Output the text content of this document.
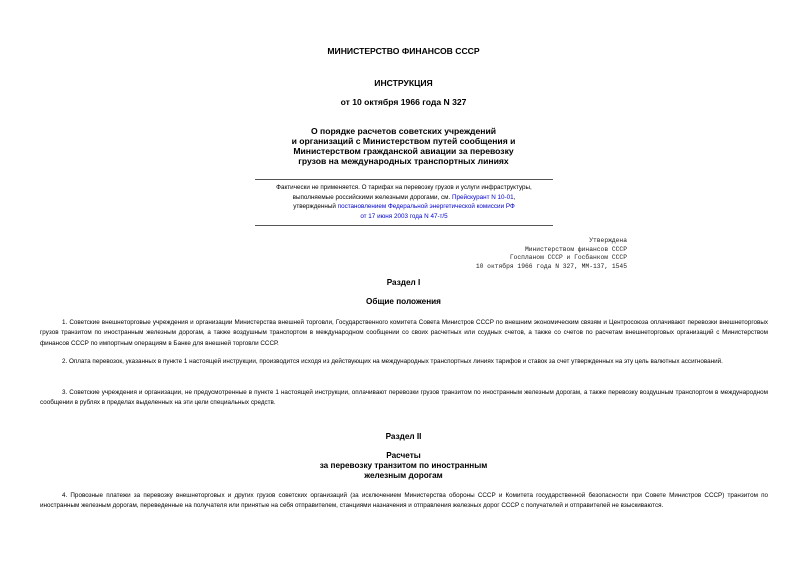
МИНИСТЕРСТВО ФИНАНСОВ СССР
ИНСТРУКЦИЯ
от 10 октября 1966 года N 327
О порядке расчетов советских учреждений
и организаций с Министерством путей сообщения и
Министерством гражданской авиации за перевозку
грузов на международных транспортных линиях
Фактически не применяется. О тарифах на перевозку грузов и услуги инфраструктуры,
выполняемые российскими железными дорогами, см. Прейскурант N 10-01,
утвержденный постановлением Федеральной энергетической комиссии РФ
от 17 июня 2003 года N 47-т/5
Утверждена
Министерством финансов СССР
Госпланом СССР и Госбанком СССР
10 октября 1966 года N 327, ММ-137, 1545
Раздел I
Общие положения
1. Советские внешнеторговые учреждения и организации Министерства внешней торговли, Государственного комитета Совета Министров СССР по внешним экономическим связям и Центросоюза оплачивают перевозки внешнеторговых грузов транзитом по иностранным железным дорогам, а также воздушным транспортом в международном сообщении со своих расчетных или ссудных счетов, а также со счетов по расчетам внешнеторговых организаций с Министерством финансов СССР по импортным операциям в Банке для внешней торговли СССР.
2. Оплата перевозок, указанных в пункте 1 настоящей инструкции, производится исходя из действующих на международных транспортных линиях тарифов и ставок за счет утвержденных на эту цель валютных ассигнований.
3. Советские учреждения и организации, не предусмотренные в пункте 1 настоящей инструкции, оплачивают перевозки грузов транзитом по иностранным железным дорогам, а также перевозку воздушным транспортом в международном сообщении в рублях в пределах выделенных на эти цели специальных средств.
Раздел II
Расчеты
за перевозку транзитом по иностранным
железным дорогам
4. Провозные платежи за перевозку внешнеторговых и других грузов советских организаций (за исключением Министерства обороны СССР и Комитета государственной безопасности при Совете Министров СССР) транзитом по иностранным железным дорогам, переведенные на получателя или принятые на себя отправителем, станциями назначения и отправления железных дорог СССР с получателей и отправителей не взыскиваются.
